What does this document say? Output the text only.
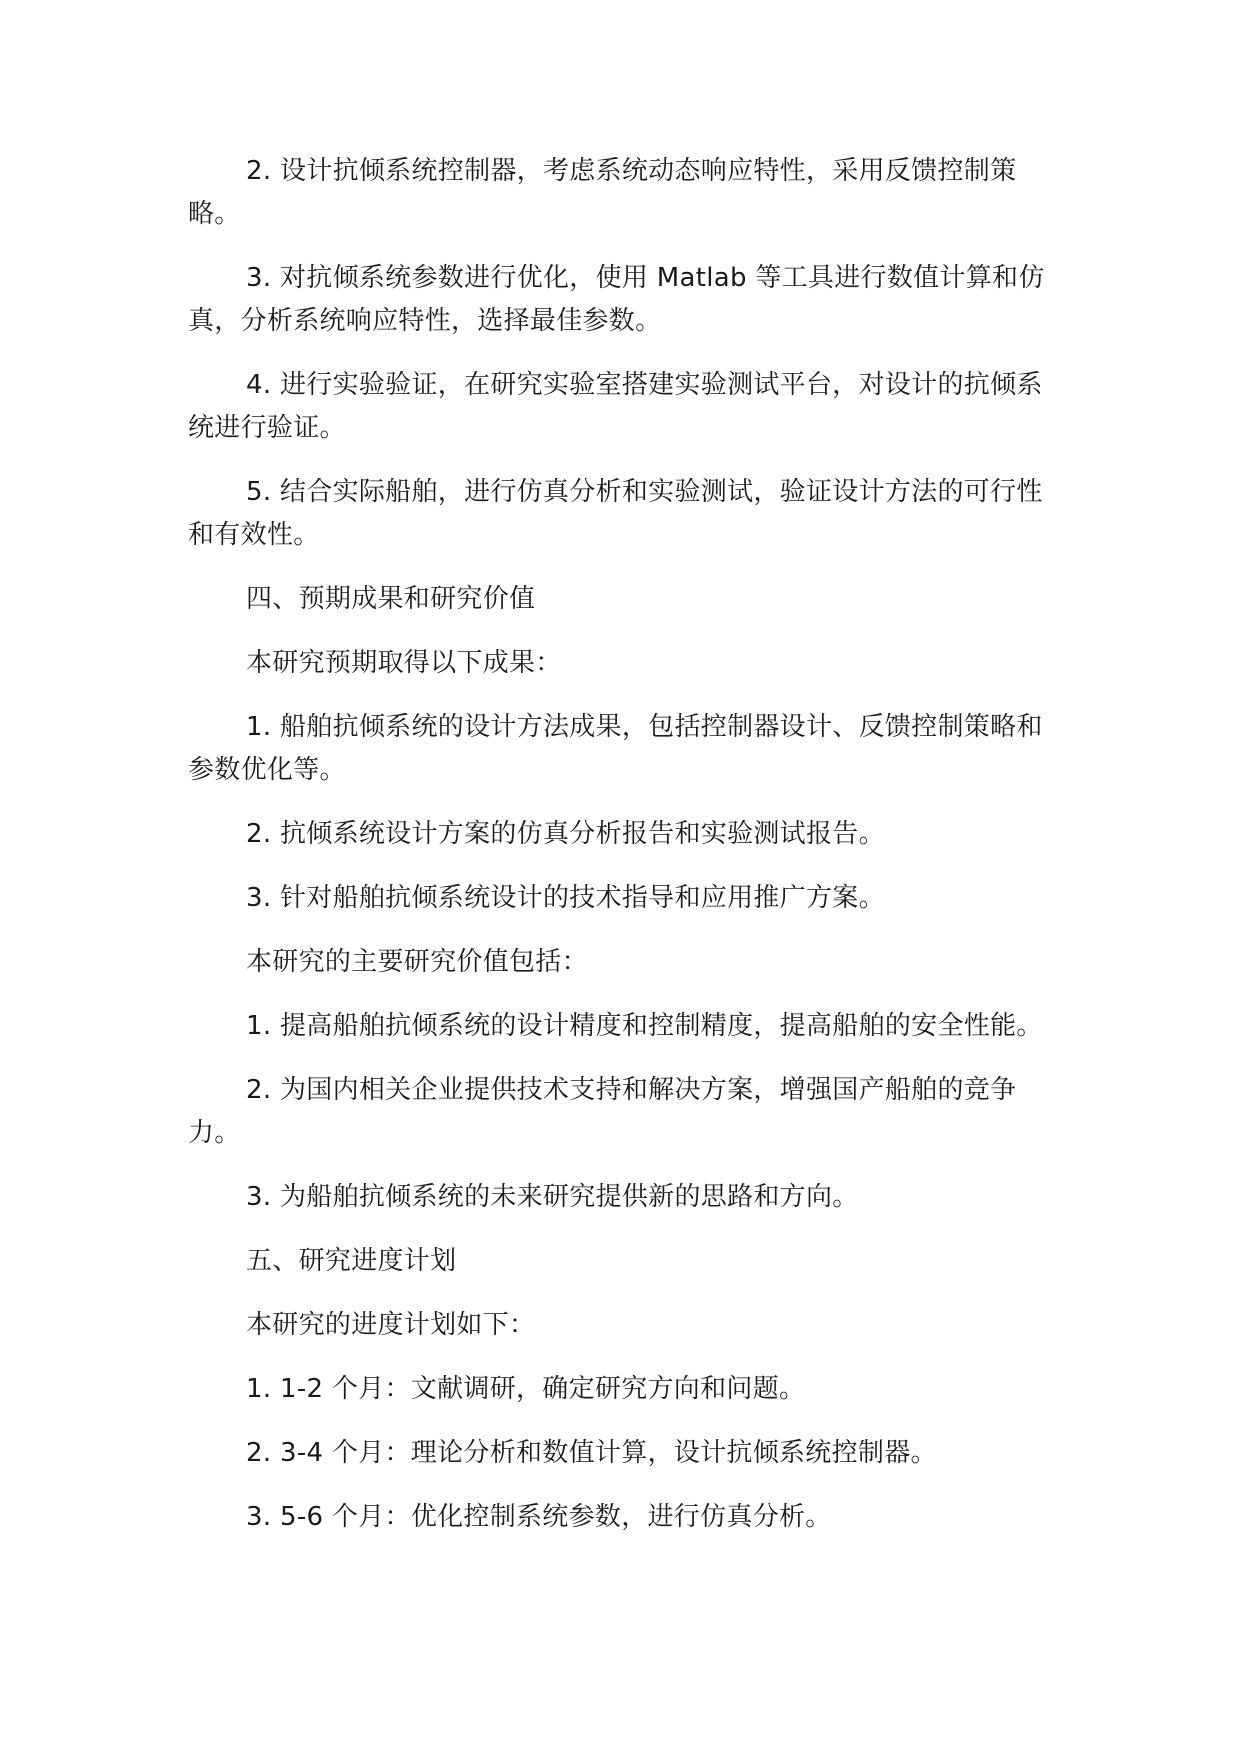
2. 设计抗倾系统控制器，考虑系统动态响应特性，采用反馈控制策略。

3. 对抗倾系统参数进行优化，使用 Matlab 等工具进行数值计算和仿真，分析系统响应特性，选择最佳参数。

4. 进行实验验证，在研究实验室搭建实验测试平台，对设计的抗倾系统进行验证。

5. 结合实际船舶，进行仿真分析和实验测试，验证设计方法的可行性和有效性。

四、预期成果和研究价值

本研究预期取得以下成果：

1. 船舶抗倾系统的设计方法成果，包括控制器设计、反馈控制策略和参数优化等。

2. 抗倾系统设计方案的仿真分析报告和实验测试报告。

3. 针对船舶抗倾系统设计的技术指导和应用推广方案。

本研究的主要研究价值包括：

1. 提高船舶抗倾系统的设计精度和控制精度，提高船舶的安全性能。

2. 为国内相关企业提供技术支持和解决方案，增强国产船舶的竞争力。

3. 为船舶抗倾系统的未来研究提供新的思路和方向。

五、研究进度计划

本研究的进度计划如下：

1. 1-2 个月：文献调研，确定研究方向和问题。

2. 3-4 个月：理论分析和数值计算，设计抗倾系统控制器。

3. 5-6 个月：优化控制系统参数，进行仿真分析。
